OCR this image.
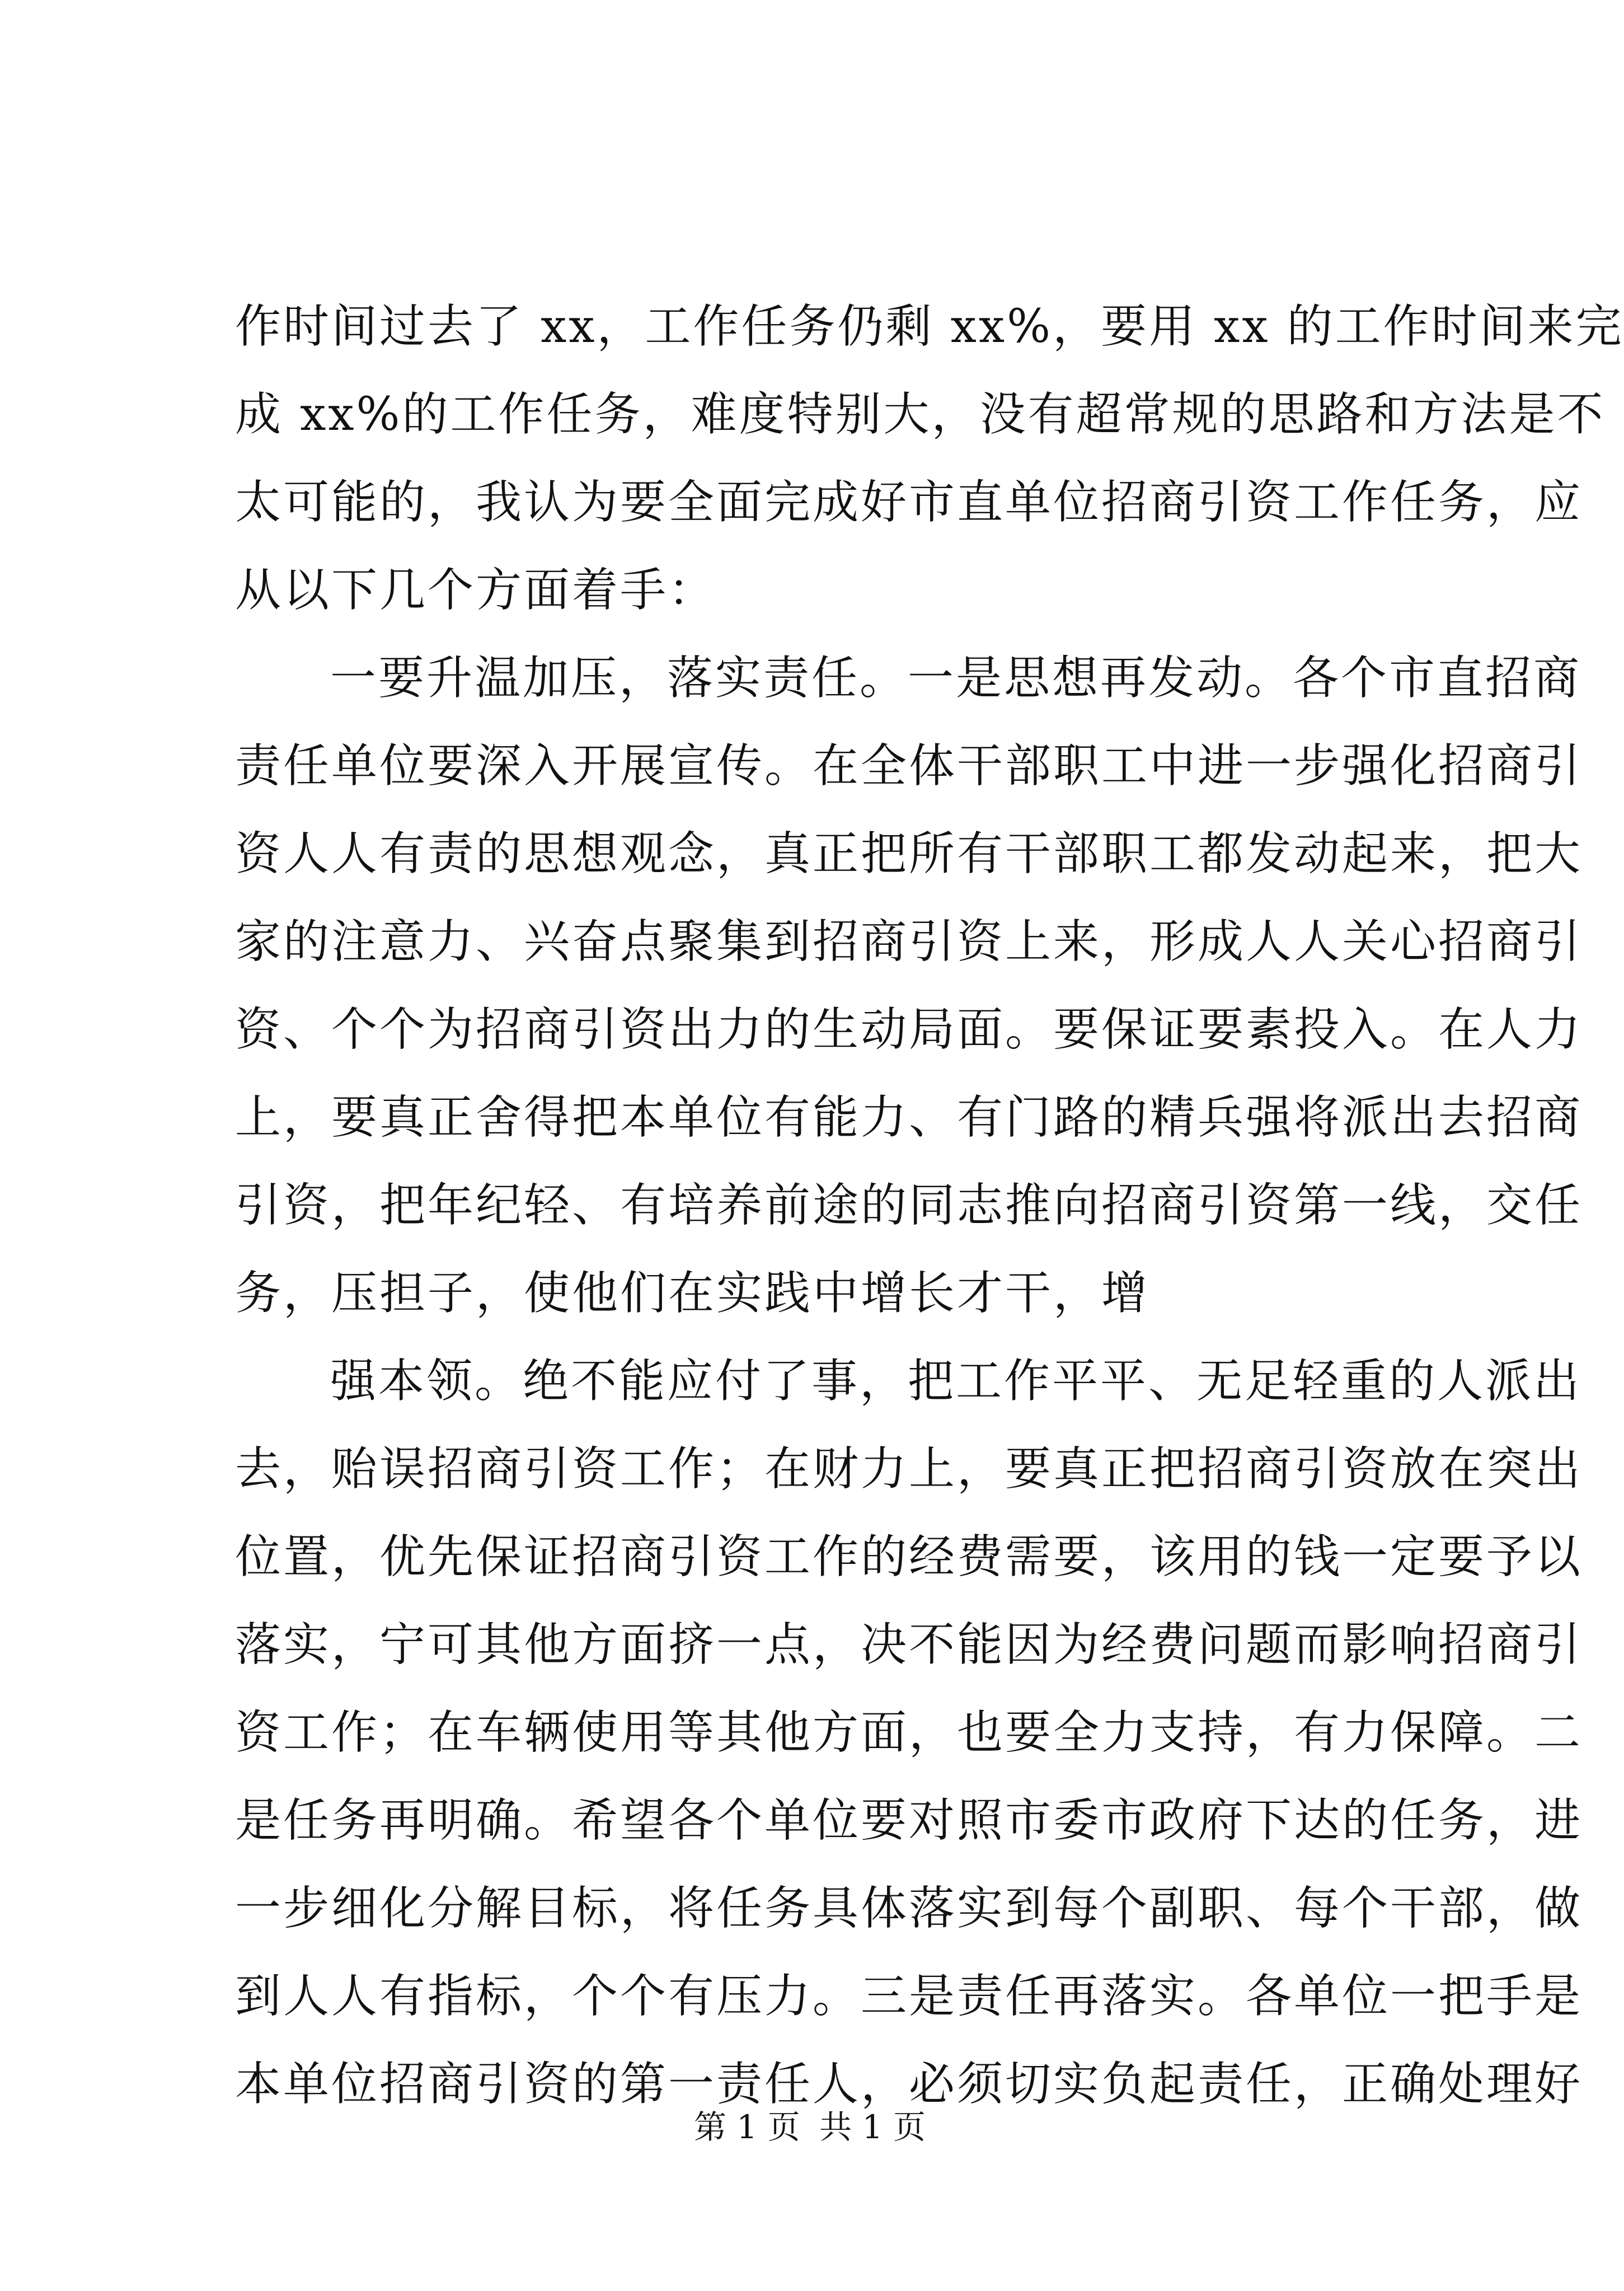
作时间过去了 xx，工作任务仍剩 xx%，要用 xx 的工作时间来完
成 xx%的工作任务，难度特别大，没有超常规的思路和方法是不
太可能的，我认为要全面完成好市直单位招商引资工作任务，应
从以下几个方面着手：
一要升温加压，落实责任。一是思想再发动。各个市直招商
责任单位要深入开展宣传。在全体干部职工中进一步强化招商引
资人人有责的思想观念，真正把所有干部职工都发动起来，把大
家的注意力、兴奋点聚集到招商引资上来，形成人人关心招商引
资、个个为招商引资出力的生动局面。要保证要素投入。在人力
上，要真正舍得把本单位有能力、有门路的精兵强将派出去招商
引资，把年纪轻、有培养前途的同志推向招商引资第一线，交任
务，压担子，使他们在实践中增长才干，增
强本领。绝不能应付了事，把工作平平、无足轻重的人派出
去，贻误招商引资工作；在财力上，要真正把招商引资放在突出
位置，优先保证招商引资工作的经费需要，该用的钱一定要予以
落实，宁可其他方面挤一点，决不能因为经费问题而影响招商引
资工作；在车辆使用等其他方面，也要全力支持，有力保障。二
是任务再明确。希望各个单位要对照市委市政府下达的任务，进
一步细化分解目标，将任务具体落实到每个副职、每个干部，做
到人人有指标，个个有压力。三是责任再落实。各单位一把手是
本单位招商引资的第一责任人，必须切实负起责任，正确处理好
第 1 页 共 1 页
